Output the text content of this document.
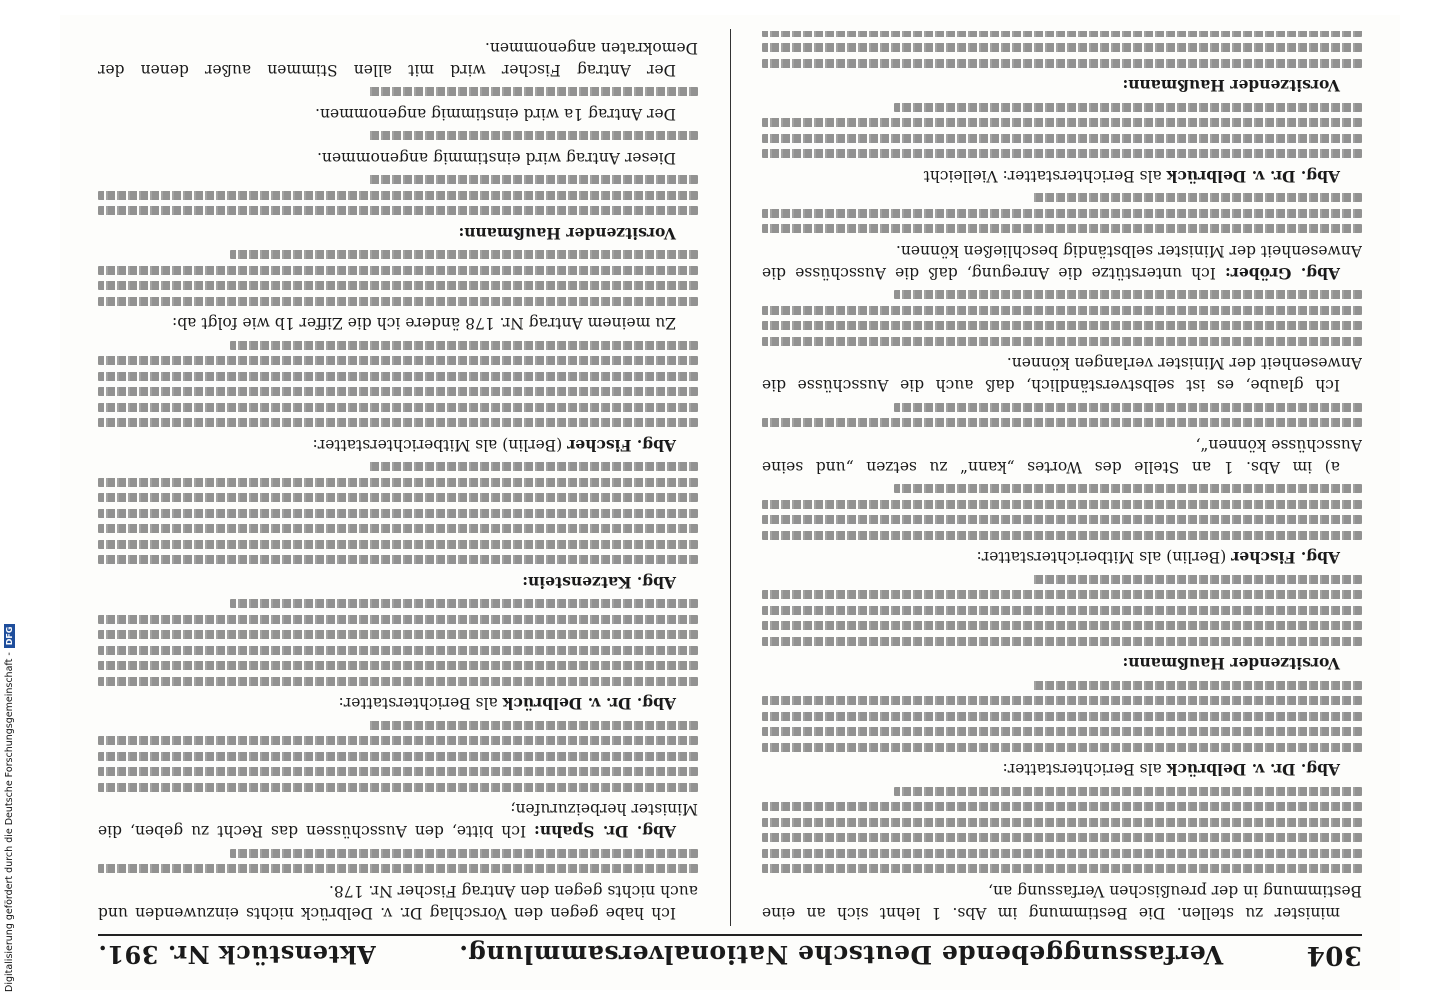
304
Verfassunggebende Deutsche Nationalversammlung.
Aktenstück Nr. 391.
minister zu stellen. Die Bestimmung im Abs. 1 lehnt sich an eine Bestimmung in der preußischen Verfassung an,
Abg. Dr. v. Delbrück als Berichterstatter:
Vorsitzender Haußmann:
Abg. Fischer (Berlin) als Mitberichterstatter:
a) im Abs. 1 an Stelle des Wortes „kann“ zu setzen „und seine Ausschüsse können“,
Ich glaube, es ist selbstverständlich, daß auch die Ausschüsse die Anwesenheit der Minister verlangen können.
Abg. Gröber: Ich unterstütze die Anregung, daß die Ausschüsse die Anwesenheit der Minister selbständig beschließen können.
Abg. Dr. v. Delbrück als Berichterstatter: Vielleicht
Vorsitzender Haußmann:
Ich habe gegen den Vorschlag Dr. v. Delbrück nichts einzuwenden und auch nichts gegen den Antrag Fischer Nr. 178.
Abg. Dr. Spahn: Ich bitte, den Ausschüssen das Recht zu geben, die Minister herbeizurufen;
Abg. Dr. v. Delbrück als Berichterstatter:
Abg. Katzenstein:
Abg. Fischer (Berlin) als Mitberichterstatter:
Zu meinem Antrag Nr. 178 ändere ich die Ziffer 1b wie folgt ab:
Vorsitzender Haußmann:
Dieser Antrag wird einstimmig angenommen.
Der Antrag 1a wird einstimmig angenommen.
Der Antrag Fischer wird mit allen Stimmen außer denen der Demokraten angenommen.
Digitalisierung gefördert durch die Deutsche Forschungsgemeinschaft -
DFG
